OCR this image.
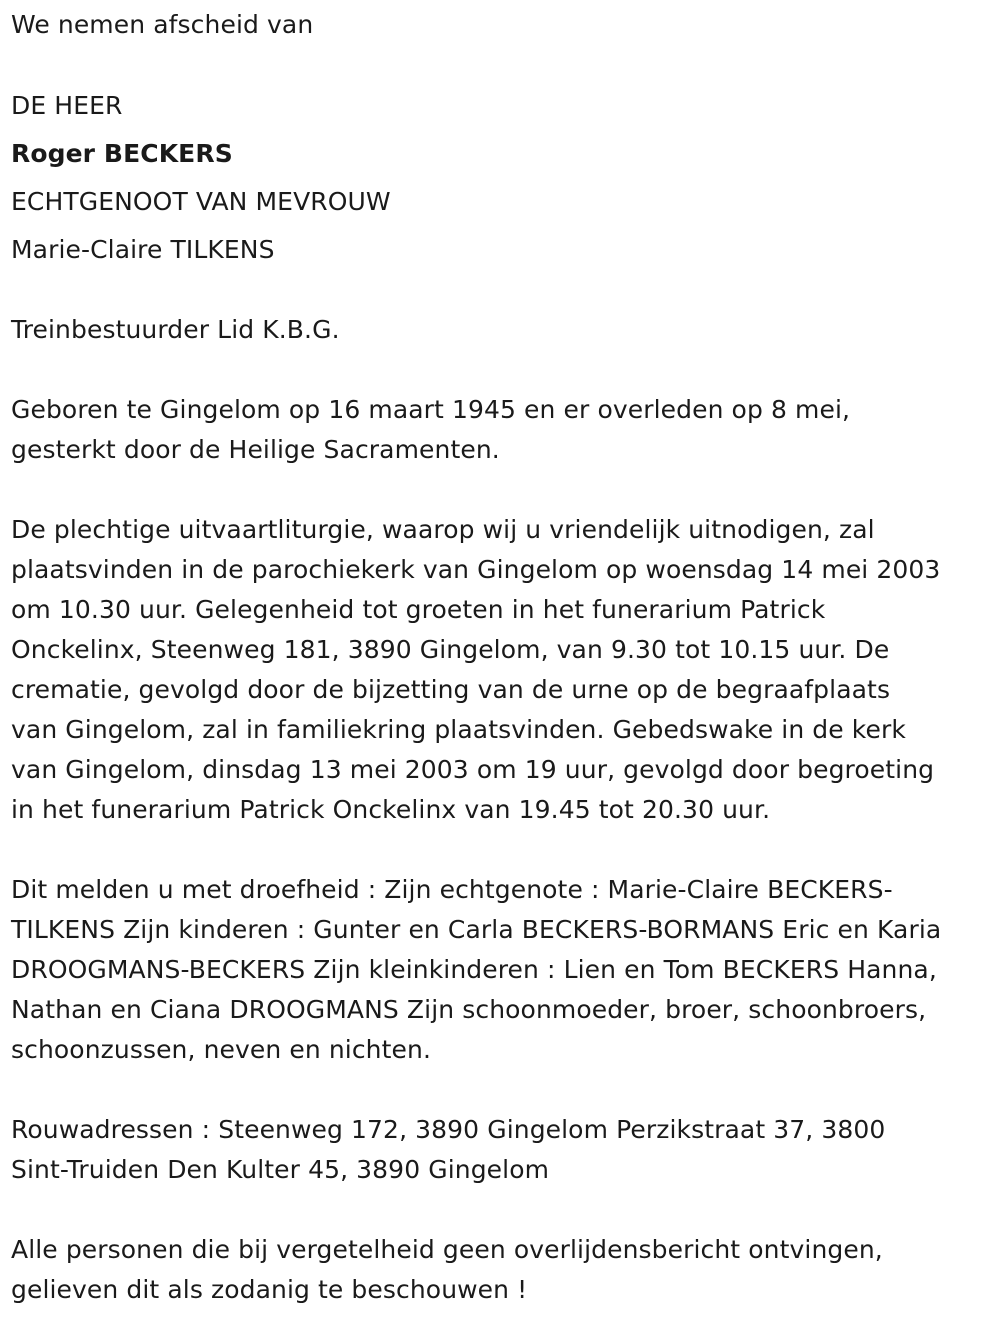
We nemen afscheid van
DE HEER
Roger BECKERS
ECHTGENOOT VAN MEVROUW
Marie-Claire TILKENS
Treinbestuurder Lid K.B.G.
Geboren te Gingelom op 16 maart 1945 en er overleden op 8 mei,
gesterkt door de Heilige Sacramenten.
De plechtige uitvaartliturgie, waarop wij u vriendelijk uitnodigen, zal
plaatsvinden in de parochiekerk van Gingelom op woensdag 14 mei 2003
om 10.30 uur. Gelegenheid tot groeten in het funerarium Patrick
Onckelinx, Steenweg 181, 3890 Gingelom, van 9.30 tot 10.15 uur. De
crematie, gevolgd door de bijzetting van de urne op de begraafplaats
van Gingelom, zal in familiekring plaatsvinden. Gebedswake in de kerk
van Gingelom, dinsdag 13 mei 2003 om 19 uur, gevolgd door begroeting
in het funerarium Patrick Onckelinx van 19.45 tot 20.30 uur.
Dit melden u met droefheid : Zijn echtgenote : Marie-Claire BECKERS-
TILKENS Zijn kinderen : Gunter en Carla BECKERS-BORMANS Eric en Karia
DROOGMANS-BECKERS Zijn kleinkinderen : Lien en Tom BECKERS Hanna,
Nathan en Ciana DROOGMANS Zijn schoonmoeder, broer, schoonbroers,
schoonzussen, neven en nichten.
Rouwadressen : Steenweg 172, 3890 Gingelom Perzikstraat 37, 3800
Sint-Truiden Den Kulter 45, 3890 Gingelom
Alle personen die bij vergetelheid geen overlijdensbericht ontvingen,
gelieven dit als zodanig te beschouwen !
